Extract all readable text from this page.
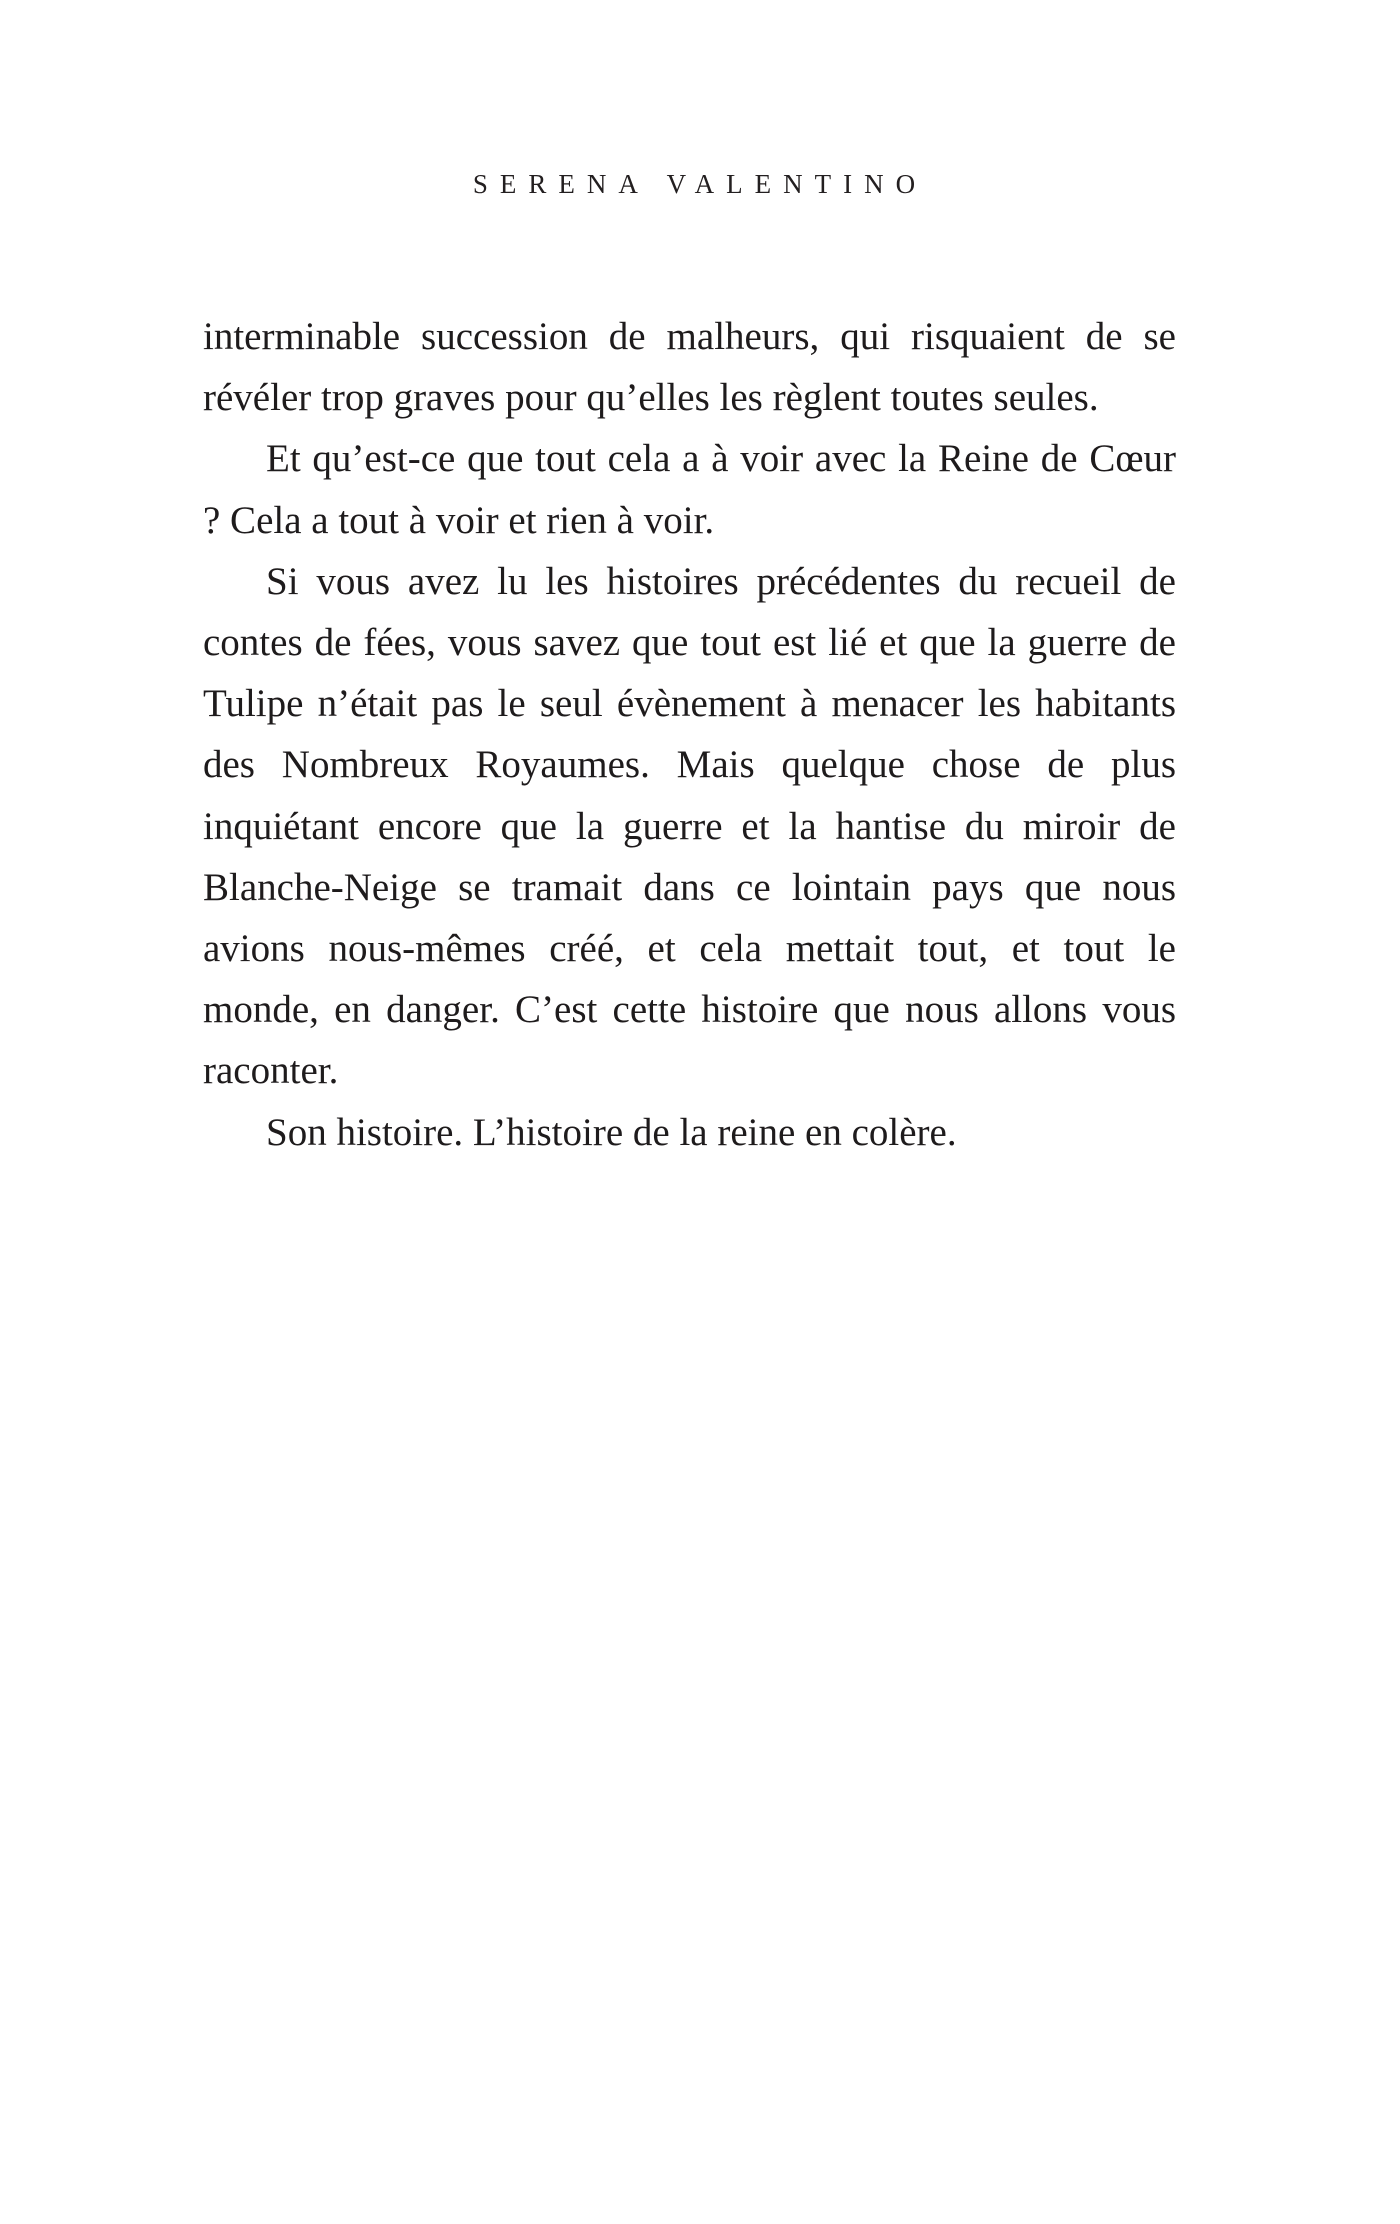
SERENA VALENTINO

interminable succession de malheurs, qui risquaient de se révéler trop graves pour qu’elles les règlent toutes seules.

Et qu’est-ce que tout cela a à voir avec la Reine de Cœur ? Cela a tout à voir et rien à voir.

Si vous avez lu les histoires précédentes du recueil de contes de fées, vous savez que tout est lié et que la guerre de Tulipe n’était pas le seul évènement à menacer les habitants des Nombreux Royaumes. Mais quelque chose de plus inquiétant encore que la guerre et la hantise du miroir de Blanche-Neige se tramait dans ce lointain pays que nous avions nous-mêmes créé, et cela mettait tout, et tout le monde, en danger. C’est cette histoire que nous allons vous raconter.

Son histoire. L’histoire de la reine en colère.
